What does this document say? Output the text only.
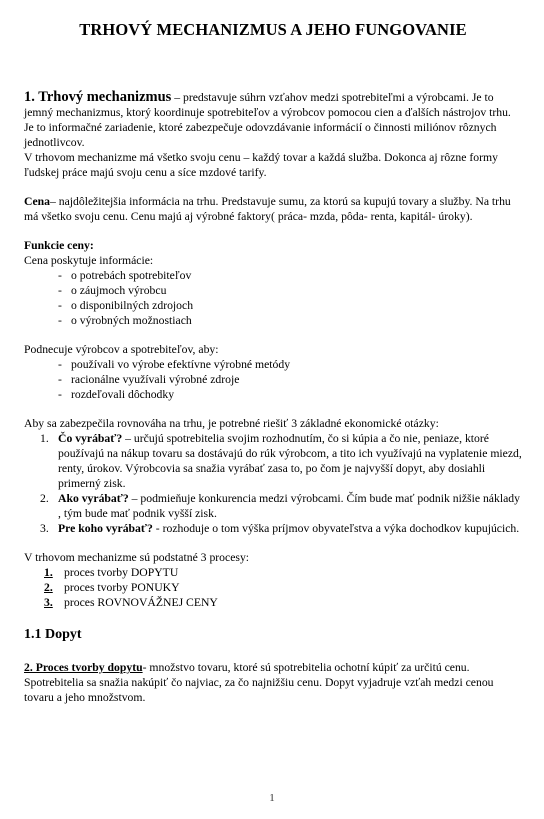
TRHOVÝ MECHANIZMUS A JEHO FUNGOVANIE

1. Trhový mechanizmus – predstavuje súhrn vzťahov medzi spotrebiteľmi a výrobcami. Je to jemný mechanizmus, ktorý koordinuje spotrebiteľov a výrobcov pomocou cien a ďalších nástrojov trhu. Je to informačné zariadenie, ktoré zabezpečuje odovzdávanie informácií o činnosti miliónov rôznych jednotlivcov.

V trhovom mechanizme má všetko svoju cenu – každý tovar a každá služba. Dokonca aj rôzne formy ľudskej práce majú svoju cenu a síce mzdové tarify.

Cena– najdôležitejšia informácia na trhu. Predstavuje sumu, za ktorú sa kupujú tovary a služby. Na trhu má všetko svoju cenu. Cenu majú aj výrobné faktory( práca- mzda, pôda- renta, kapitál- úroky).

Funkcie ceny:

Cena poskytuje informácie:

- o potrebách spotrebiteľov
- o záujmoch výrobcu
- o disponibilných zdrojoch
- o výrobných možnostiach

Podnecuje výrobcov a spotrebiteľov, aby:

- používali vo výrobe efektívne výrobné metódy
- racionálne využívali výrobné zdroje
- rozdeľovali dôchodky

Aby sa zabezpečila rovnováha na trhu, je potrebné riešiť 3 základné ekonomické otázky:

1. Čo vyrábať? – určujú spotrebitelia svojim rozhodnutím, čo si kúpia a čo nie, peniaze, ktoré používajú na nákup tovaru sa dostávajú do rúk výrobcom, a tito ich využívajú na vyplatenie miezd, renty, úrokov. Výrobcovia sa snažia vyrábať zasa to, po čom je najvyšší dopyt, aby dosiahli primerný zisk.
2. Ako vyrábať? – podmieňuje konkurencia medzi výrobcami. Čím bude mať podnik nižšie náklady , tým bude mať podnik vyšší zisk.
3. Pre koho vyrábať? - rozhoduje o tom výška príjmov obyvateľstva a výka dochodkov kupujúcich.

V trhovom mechanizme sú podstatné 3 procesy:

1. proces tvorby DOPYTU
2. proces tvorby PONUKY
3. proces ROVNOVÁŽNEJ CENY

1.1 Dopyt

2. Proces tvorby dopytu- množstvo tovaru, ktoré sú spotrebitelia ochotní kúpiť za určitú cenu. Spotrebitelia sa snažia nakúpiť čo najviac, za čo najnižšiu cenu. Dopyt vyjadruje vzťah medzi cenou tovaru a jeho množstvom.

1
